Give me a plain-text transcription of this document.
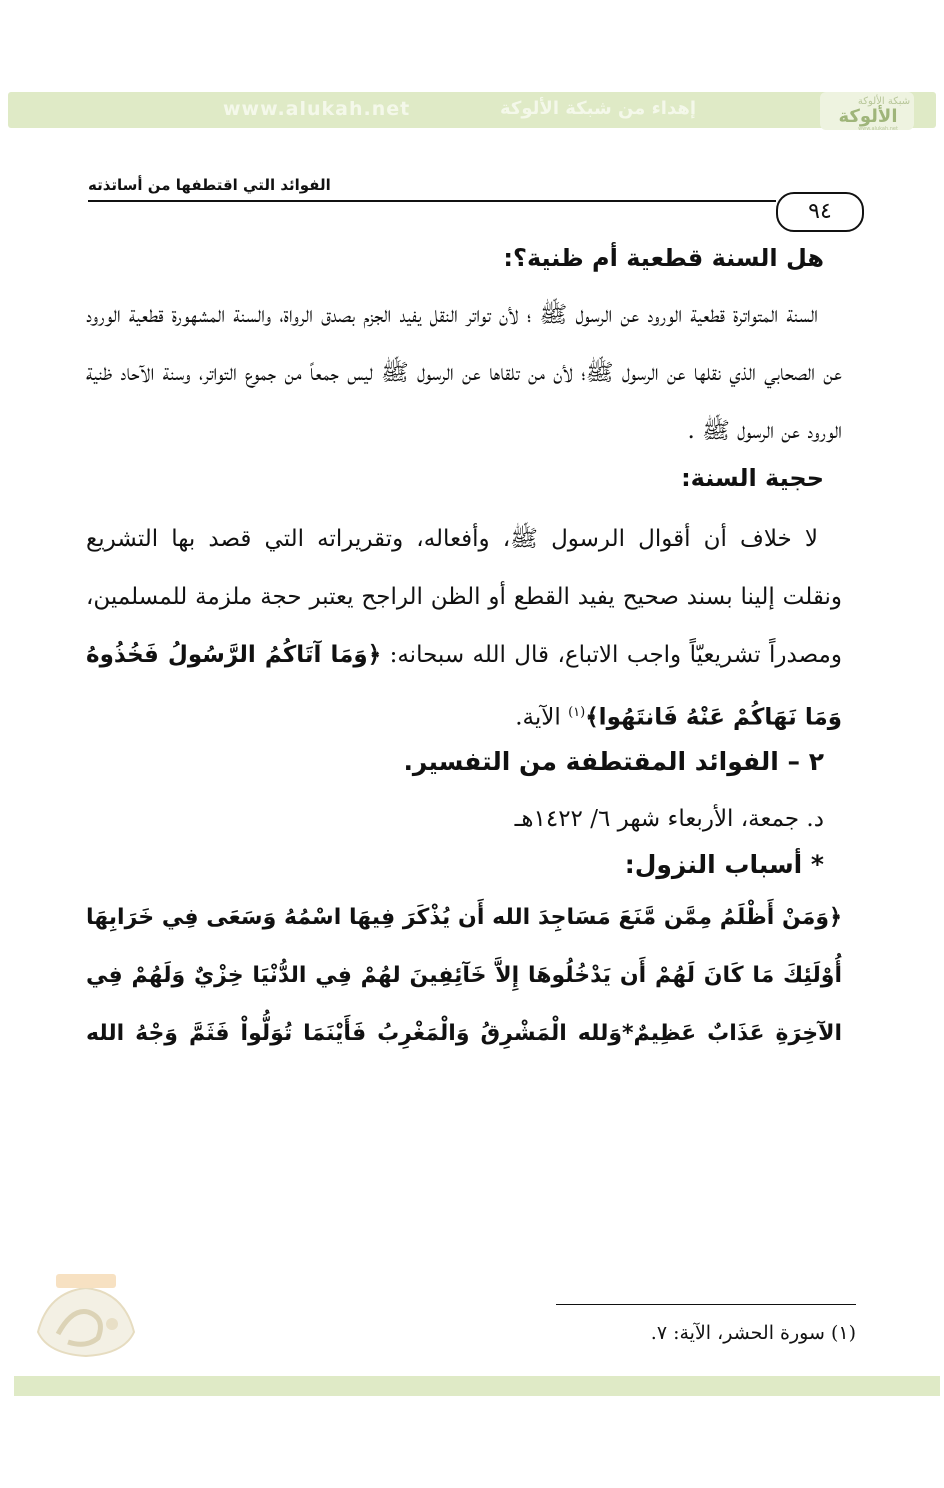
www.alukah.net	إهداء من شبكة الألوكة	شبكة الألوكة
الألوكة
www.alukah.net
الفوائد التي اقتطفها من أساتذته
٩٤
هل السنة قطعية أم ظنية؟:

السنة المتواترة قطعية الورود عن الرسول ﷺ ؛ لأن تواتر النقل يفيد الجزم بصدق الرواة، والسنة المشهورة قطعية الورود عن الصحابي الذي نقلها عن الرسول ﷺ؛ لأن من تلقاها عن الرسول ﷺ ليس جمعاً من جموع التواتر، وسنة الآحاد ظنية الورود عن الرسول ﷺ .

حجية السنة:

لا خلاف أن أقوال الرسول ﷺ، وأفعاله، وتقريراته التي قصد بها التشريع ونقلت إلينا بسند صحيح يفيد القطع أو الظن الراجح يعتبر حجة ملزمة للمسلمين، ومصدراً تشريعيّاً واجب الاتباع، قال الله سبحانه: ﴿وَمَا آتَاكُمُ الرَّسُولُ فَخُذُوهُ وَمَا نَهَاكُمْ عَنْهُ فَانتَهُوا﴾$^{(١)}$ الآية.

٢ – الفوائد المقتطفة من التفسير.

د. جمعة، الأربعاء شهر ٦/ ١٤٢٢هـ

* أسباب النزول:

﴿وَمَنْ أَظْلَمُ مِمَّن مَّنَعَ مَسَاجِدَ الله أَن يُذْكَرَ فِيهَا اسْمُهُ وَسَعَى فِي خَرَابِهَا أُوْلَئِكَ مَا كَانَ لَهُمْ أَن يَدْخُلُوهَا إِلاَّ خَآئِفِينَ لهُمْ فِي الدُّنْيَا خِزْيٌ وَلَهُمْ فِي الآخِرَةِ عَذَابٌ عَظِيمٌ*وَلله الْمَشْرِقُ وَالْمَغْرِبُ فَأَيْنَمَا تُوَلُّواْ فَثَمَّ وَجْهُ الله

(١) سورة الحشر، الآية: ٧.
